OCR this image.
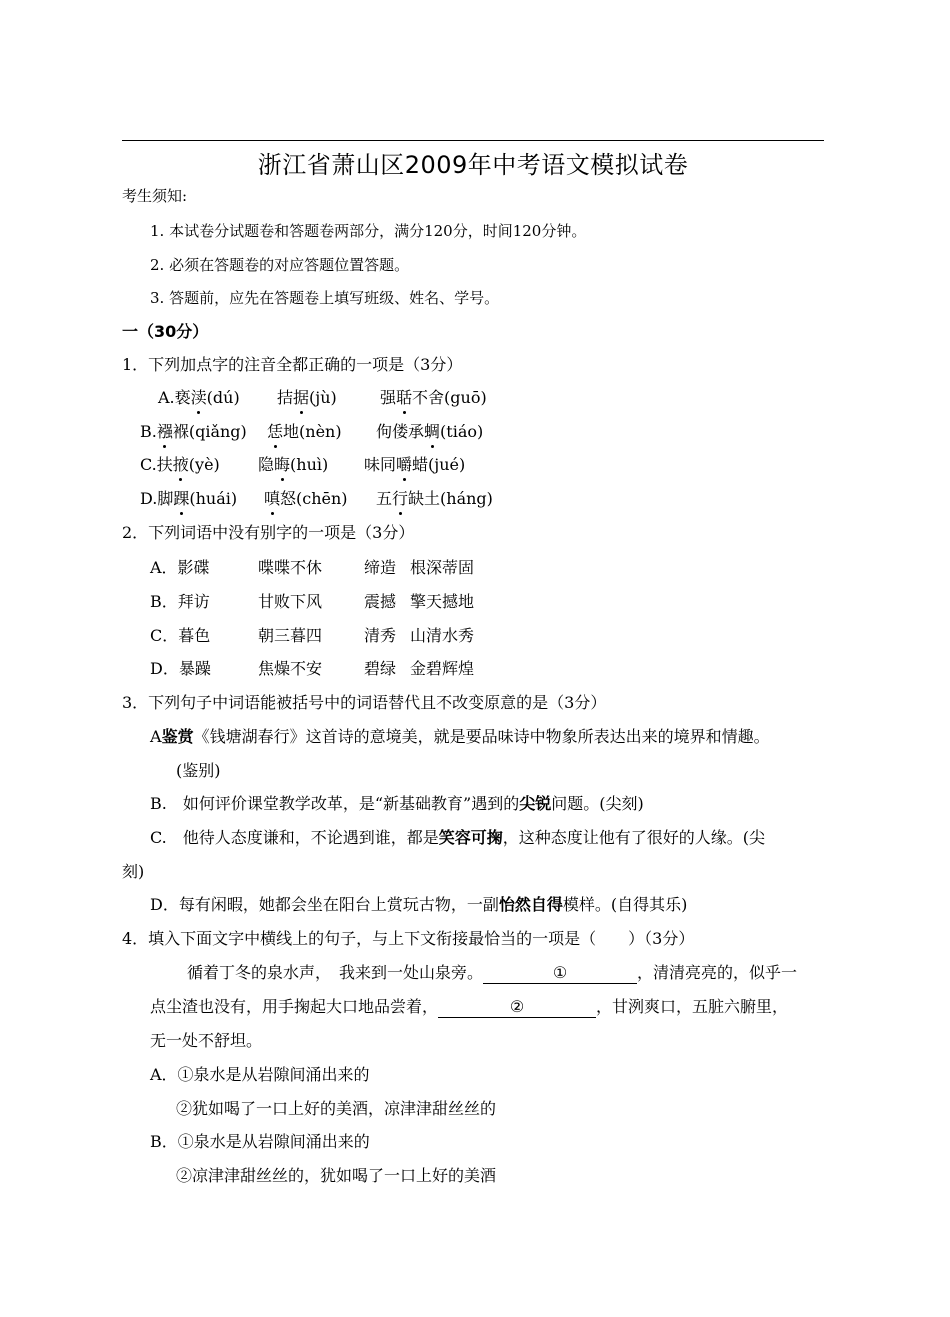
浙江省萧山区2009年中考语文模拟试卷
考生须知:
1. 本试卷分试题卷和答题卷两部分，满分120分，时间120分钟。
2. 必须在答题卷的对应答题位置答题。
3. 答题前，应先在答题卷上填写班级、姓名、学号。
一（30分）
1．下列加点字的注音全都正确的一项是（3分）
A.亵渎(dú) 拮据(jù)	强聒不舍(guō)
B.襁褓(qiǎng) 恁地(nèn) 佝偻承蜩(tiáo)
C.扶掖(yè) 隐晦(huì) 味同嚼蜡(jué)
D.脚踝(huái) 嗔怒(chēn) 五行缺土(háng)
2．下列词语中没有别字的一项是（3分）
A．影碟	喋喋不休	缔造 根深蒂固
B．拜访	甘败下风	震撼 擎天撼地
C．暮色	朝三暮四	清秀 山清水秀
D．暴躁	焦燥不安	碧绿 金碧辉煌
3．下列句子中词语能被括号中的词语替代且不改变原意的是（3分）
A鉴赏《钱塘湖春行》这首诗的意境美，就是要品味诗中物象所表达出来的境界和情趣。
(鉴别)
B.　如何评价课堂教学改革，是“新基础教育”遇到的尖锐问题。(尖刻)
C.　他待人态度谦和，不论遇到谁，都是笑容可掬，这种态度让他有了很好的人缘。(尖
刻)
D．每有闲暇，她都会坐在阳台上赏玩古物，一副怡然自得模样。(自得其乐)
4．填入下面文字中横线上的句子，与上下文衔接最恰当的一项是（　　）（3分）
循着丁冬的泉水声，　我来到一处山泉旁。	①	，清清亮亮的，似乎一
点尘渣也没有，用手掬起大口地品尝着，	②	，甘洌爽口，五脏六腑里，
无一处不舒坦。
A．①泉水是从岩隙间涌出来的
②犹如喝了一口上好的美酒，凉津津甜丝丝的
B．①泉水是从岩隙间涌出来的
②凉津津甜丝丝的，犹如喝了一口上好的美酒
